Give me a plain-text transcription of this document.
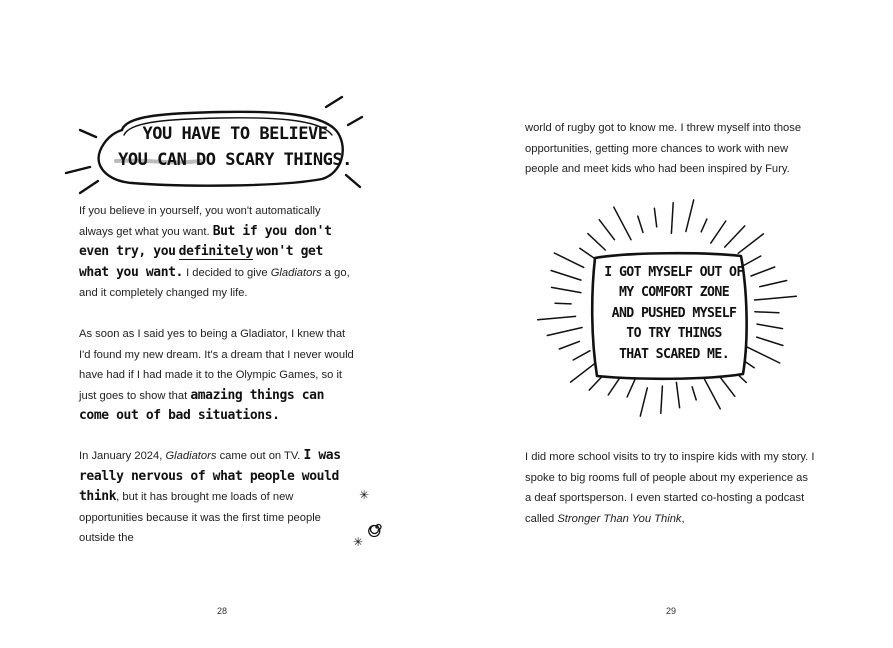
YOU HAVE TO BELIEVE
YOU CAN DO SCARY THINGS.

If you believe in yourself, you won't automatically always get what you want. But if you don't even try, you definitely won't get what you want. I decided to give Gladiators a go, and it completely changed my life.

As soon as I said yes to being a Gladiator, I knew that I'd found my new dream. It's a dream that I never would have had if I had made it to the Olympic Games, so it just goes to show that amazing things can come out of bad situations.

In January 2024, Gladiators came out on TV. I was really nervous of what people would think, but it has brought me loads of new opportunities because it was the first time people outside the

✳
✳
28

world of rugby got to know me. I threw myself into those opportunities, getting more chances to work with new people and meet kids who had been inspired by Fury.

I GOT MYSELF OUT OF
MY COMFORT ZONE
AND PUSHED MYSELF
TO TRY THINGS
THAT SCARED ME.

I did more school visits to try to inspire kids with my story. I spoke to big rooms full of people about my experience as a deaf sportsperson. I even started co-hosting a podcast called Stronger Than You Think,

29
